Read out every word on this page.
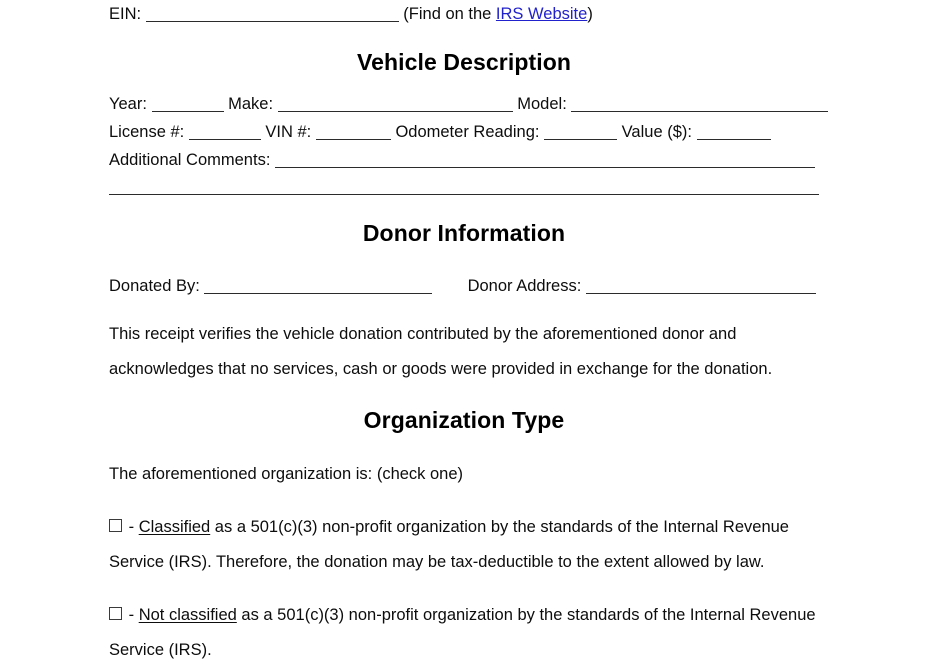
EIN:	(Find on the IRS Website)
Vehicle Description
Year:	Make:	Model:
License #:	VIN #:	Odometer Reading:	Value ($):
Additional Comments:
Donor Information
Donated By:	Donor Address:
This receipt verifies the vehicle donation contributed by the aforementioned donor and acknowledges that no services, cash or goods were provided in exchange for the donation.
Organization Type
The aforementioned organization is: (check one)
- Classified as a 501(c)(3) non-profit organization by the standards of the Internal Revenue Service (IRS). Therefore, the donation may be tax-deductible to the extent allowed by law.
- Not classified as a 501(c)(3) non-profit organization by the standards of the Internal Revenue Service (IRS).
